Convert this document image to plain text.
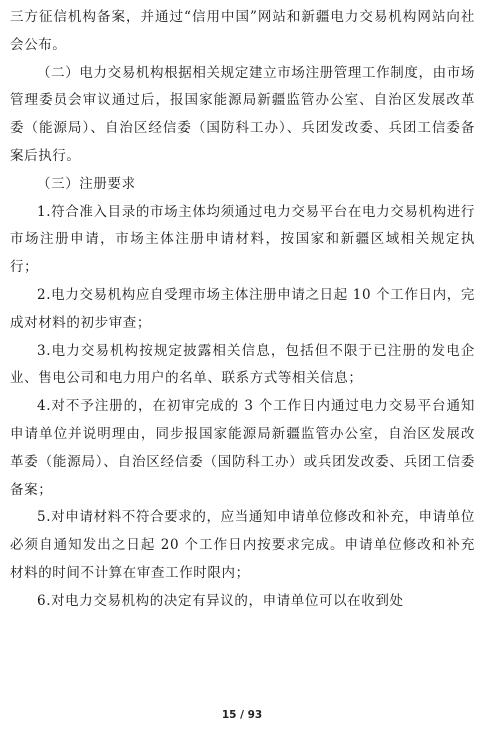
三方征信机构备案，并通过“信用中国”网站和新疆电力交易机构网站向社会公布。

（二）电力交易机构根据相关规定建立市场注册管理工作制度，由市场管理委员会审议通过后，报国家能源局新疆监管办公室、自治区发展改革委（能源局）、自治区经信委（国防科工办）、兵团发改委、兵团工信委备案后执行。

（三）注册要求

1.符合准入目录的市场主体均须通过电力交易平台在电力交易机构进行市场注册申请，市场主体注册申请材料，按国家和新疆区域相关规定执行；

2.电力交易机构应自受理市场主体注册申请之日起 10 个工作日内，完成对材料的初步审查；

3.电力交易机构按规定披露相关信息，包括但不限于已注册的发电企业、售电公司和电力用户的名单、联系方式等相关信息；

4.对不予注册的，在初审完成的 3 个工作日内通过电力交易平台通知申请单位并说明理由，同步报国家能源局新疆监管办公室，自治区发展改革委（能源局）、自治区经信委（国防科工办）或兵团发改委、兵团工信委备案；

5.对申请材料不符合要求的，应当通知申请单位修改和补充，申请单位必须自通知发出之日起 20 个工作日内按要求完成。申请单位修改和补充材料的时间不计算在审查工作时限内；

6.对电力交易机构的决定有异议的，申请单位可以在收到处

15 / 93
